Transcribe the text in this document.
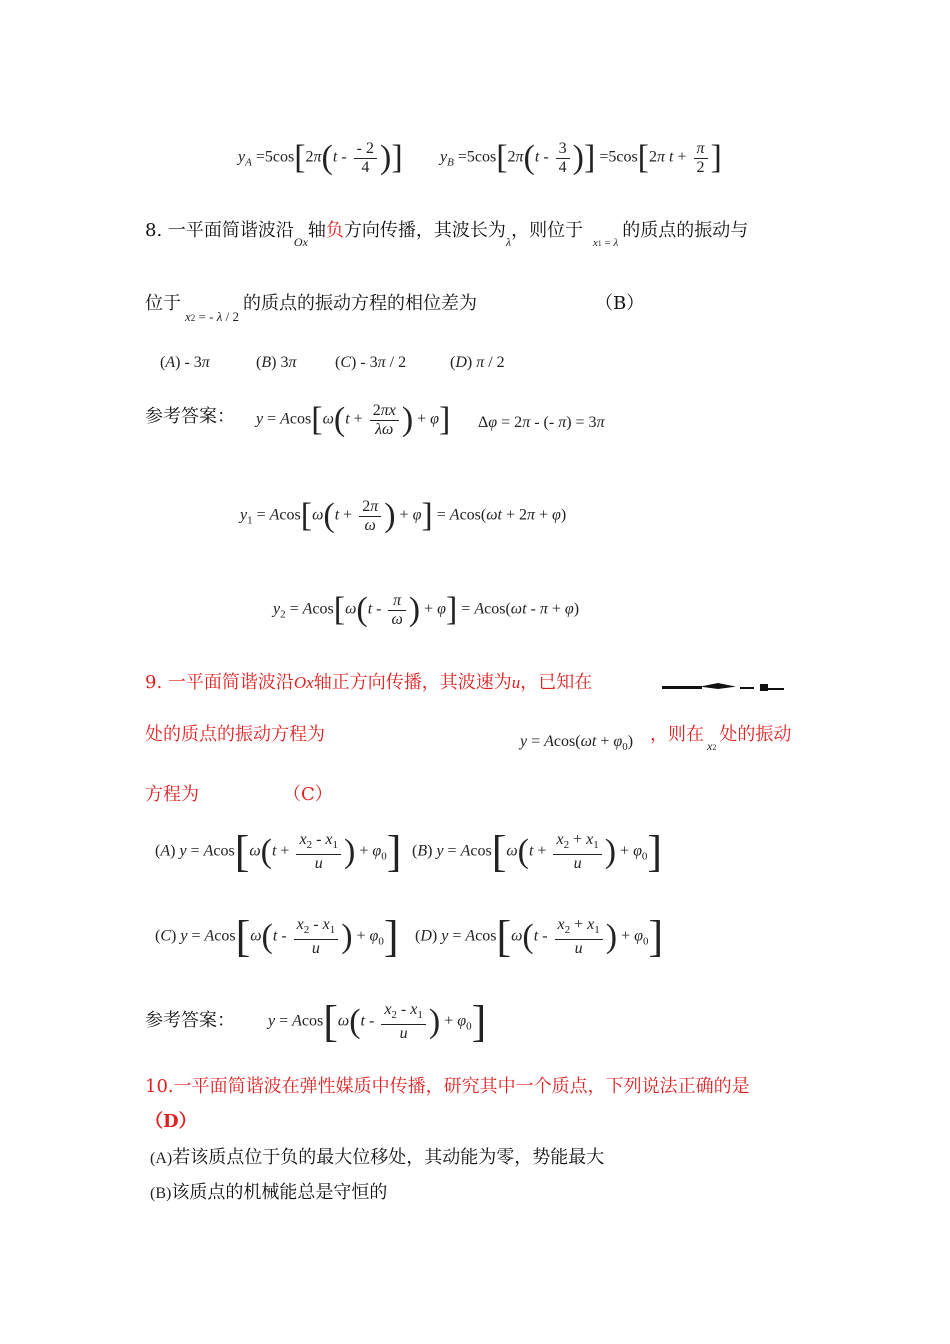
$y_A =5\cos[2\pi(t - \frac{- 2}{4}$ )] $y_B =5\cos[2\pi(t - \frac{3}{4}$ )] =5cos[2π $t + \frac{\pi}{2}$ ]
8. 一平面简谐波沿$_{Ox}$轴负方向传播，其波长为$_\lambda$，则位于 $_{x1 = \lambda}$的质点的振动与
位于$_{x2 = - \lambda / 2}$的质点的振动方程的相位差为	（B）
(A) - 3π	(B) 3π (C) - 3π / 2	(D) π / 2
参考答案： $y = Acos[\omega(t + \frac{2\pi x}{\lambda\omega}$ ) + φ] Δφ = 2π - (- π) = 3π
$y_1 = Acos[\omega(t + \frac{2\pi}{\omega}$ ) + φ] = Acos(ωt + 2π + φ)
$y_2 = Acos[\omega(t - \frac{\pi}{\omega}$ ) + φ] = Acos(ωt - π + φ)
9. 一平面简谐波沿Ox轴正方向传播，其波速为u，已知在
处的质点的振动方程为	$y = Acos(\omega t + \varphi_0)$ ，则在$_{x2}$处的振动
方程为	（C）
(A) $y = Acos[\omega(t + \frac{x_2 - x_1}{u}$ ) + $\varphi_0$] (B) $y = Acos[\omega(t + \frac{x_2 + x_1}{u}$ ) + $\varphi_0$]
(C) $y = Acos[\omega(t - \frac{x_2 - x_1}{u}$ ) + $\varphi_0$] (D) $y = Acos[\omega(t - \frac{x_2 + x_1}{u}$ ) + $\varphi_0$]
参考答案： $y = Acos[\omega(t - \frac{x_2 - x_1}{u}$ ) + $\varphi_0$]
10.一平面简谐波在弹性媒质中传播，研究其中一个质点，下列说法正确的是
（D）
(A)若该质点位于负的最大位移处，其动能为零，势能最大
(B)该质点的机械能总是守恒的
